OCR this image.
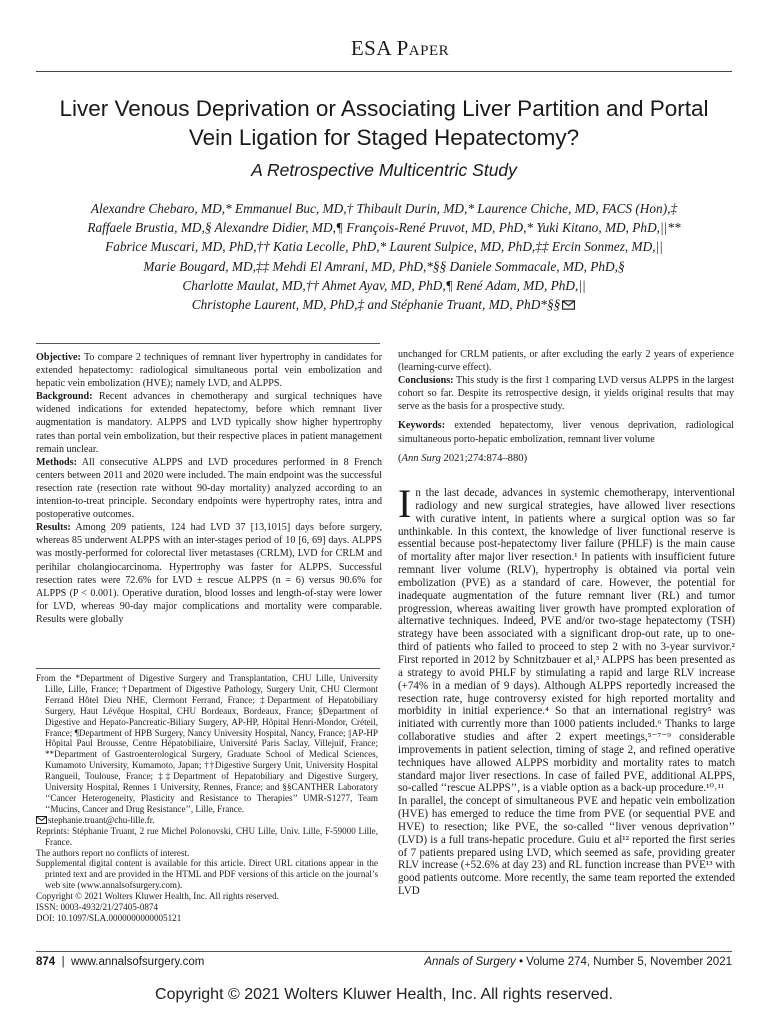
ESA Paper
Liver Venous Deprivation or Associating Liver Partition and Portal
Vein Ligation for Staged Hepatectomy?
A Retrospective Multicentric Study
Alexandre Chebaro, MD,* Emmanuel Buc, MD,† Thibault Durin, MD,* Laurence Chiche, MD, FACS (Hon),‡
Raffaele Brustia, MD,§ Alexandre Didier, MD,¶ François-René Pruvot, MD, PhD,* Yuki Kitano, MD, PhD,||**
Fabrice Muscari, MD, PhD,†† Katia Lecolle, PhD,* Laurent Sulpice, MD, PhD,‡‡ Ercin Sonmez, MD,||
Marie Bougard, MD,‡‡ Mehdi El Amrani, MD, PhD,*§§ Daniele Sommacale, MD, PhD,§
Charlotte Maulat, MD,†† Ahmet Ayav, MD, PhD,¶ René Adam, MD, PhD,||
Christophe Laurent, MD, PhD,‡ and Stéphanie Truant, MD, PhD*§§

Objective: To compare 2 techniques of remnant liver hypertrophy in candidates for extended hepatectomy: radiological simultaneous portal vein embolization and hepatic vein embolization (HVE); namely LVD, and ALPPS.

Background: Recent advances in chemotherapy and surgical techniques have widened indications for extended hepatectomy, before which remnant liver augmentation is mandatory. ALPPS and LVD typically show higher hypertrophy rates than portal vein embolization, but their respective places in patient management remain unclear.

Methods: All consecutive ALPPS and LVD procedures performed in 8 French centers between 2011 and 2020 were included. The main endpoint was the successful resection rate (resection rate without 90-day mortality) analyzed according to an intention-to-treat principle. Secondary endpoints were hypertrophy rates, intra and postoperative outcomes.

Results: Among 209 patients, 124 had LVD 37 [13,1015] days before surgery, whereas 85 underwent ALPPS with an inter-stages period of 10 [6, 69] days. ALPPS was mostly-performed for colorectal liver metastases (CRLM), LVD for CRLM and perihilar cholangiocarcinoma. Hypertrophy was faster for ALPPS. Successful resection rates were 72.6% for LVD ± rescue ALPPS (n = 6) versus 90.6% for ALPPS (P < 0.001). Operative duration, blood losses and length-of-stay were lower for LVD, whereas 90-day major complications and mortality were comparable. Results were globally

unchanged for CRLM patients, or after excluding the early 2 years of experience (learning-curve effect).

Conclusions: This study is the first 1 comparing LVD versus ALPPS in the largest cohort so far. Despite its retrospective design, it yields original results that may serve as the basis for a prospective study.

Keywords: extended hepatectomy, liver venous deprivation, radiological simultaneous porto-hepatic embolization, remnant liver volume

(Ann Surg 2021;274:874–880)

In the last decade, advances in systemic chemotherapy, interventional radiology and new surgical strategies, have allowed liver resections with curative intent, in patients where a surgical option was so far unthinkable. In this context, the knowledge of liver functional reserve is essential because post-hepatectomy liver failure (PHLF) is the main cause of mortality after major liver resection.¹ In patients with insufficient future remnant liver volume (RLV), hypertrophy is obtained via portal vein embolization (PVE) as a standard of care. However, the potential for inadequate augmentation of the future remnant liver (RL) and tumor progression, whereas awaiting liver growth have prompted exploration of alternative techniques. Indeed, PVE and/or two-stage hepatectomy (TSH) strategy have been associated with a significant drop-out rate, up to one-third of patients who failed to proceed to step 2 with no 3-year survivor.² First reported in 2012 by Schnitzbauer et al,³ ALPPS has been presented as a strategy to avoid PHLF by stimulating a rapid and large RLV increase (+74% in a median of 9 days). Although ALPPS reportedly increased the resection rate, huge controversy existed for high reported mortality and morbidity in initial experience.⁴ So that an international registry⁵ was initiated with currently more than 1000 patients included.⁶ Thanks to large collaborative studies and after 2 expert meetings,⁵⁻⁷⁻⁹ considerable improvements in patient selection, timing of stage 2, and refined operative techniques have allowed ALPPS morbidity and mortality rates to match standard major liver resections. In case of failed PVE, additional ALPPS, so-called ‘‘rescue ALPPS’’, is a viable option as a back-up procedure.¹⁰˒¹¹

In parallel, the concept of simultaneous PVE and hepatic vein embolization (HVE) has emerged to reduce the time from PVE (or sequential PVE and HVE) to resection; like PVE, the so-called ‘‘liver venous deprivation’’ (LVD) is a full trans-hepatic procedure. Guiu et al¹² reported the first series of 7 patients prepared using LVD, which seemed as safe, providing greater RLV increase (+52.6% at day 23) and RL function increase than PVE¹³ with good patients outcome. More recently, the same team reported the extended LVD

From the *Department of Digestive Surgery and Transplantation, CHU Lille, University Lille, Lille, France; †Department of Digestive Pathology, Surgery Unit, CHU Clermont Ferrand Hôtel Dieu NHE, Clermont Ferrand, France; ‡Department of Hepatobiliary Surgery, Haut Lévêque Hospital, CHU Bordeaux, Bordeaux, France; §Department of Digestive and Hepato-Pancreatic-Biliary Surgery, AP-HP, Hôpital Henri-Mondor, Créteil, France; ¶Department of HPB Surgery, Nancy University Hospital, Nancy, France; ||AP-HP Hôpital Paul Brousse, Centre Hépatobiliaire, Université Paris Saclay, Villejuif, France; **Department of Gastroenterological Surgery, Graduate School of Medical Sciences, Kumamoto University, Kumamoto, Japan; ††Digestive Surgery Unit, University Hospital Rangueil, Toulouse, France; ‡‡Department of Hepatobiliary and Digestive Surgery, University Hospital, Rennes 1 University, Rennes, France; and §§CANTHER Laboratory ‘‘Cancer Heterogeneity, Plasticity and Resistance to Therapies’’ UMR-S1277, Team ‘‘Mucins, Cancer and Drug Resistance’’, Lille, France.

stephanie.truant@chu-lille.fr.

Reprints: Stéphanie Truant, 2 rue Michel Polonovski, CHU Lille, Univ. Lille, F-59000 Lille, France.

The authors report no conflicts of interest.

Supplemental digital content is available for this article. Direct URL citations appear in the printed text and are provided in the HTML and PDF versions of this article on the journal’s web site (www.annalsofsurgery.com).

Copyright © 2021 Wolters Kluwer Health, Inc. All rights reserved.

ISSN: 0003-4932/21/27405-0874

DOI: 10.1097/SLA.0000000000005121

874 | www.annalsofsurgery.com	Annals of Surgery • Volume 274, Number 5, November 2021
Copyright © 2021 Wolters Kluwer Health, Inc. All rights reserved.
